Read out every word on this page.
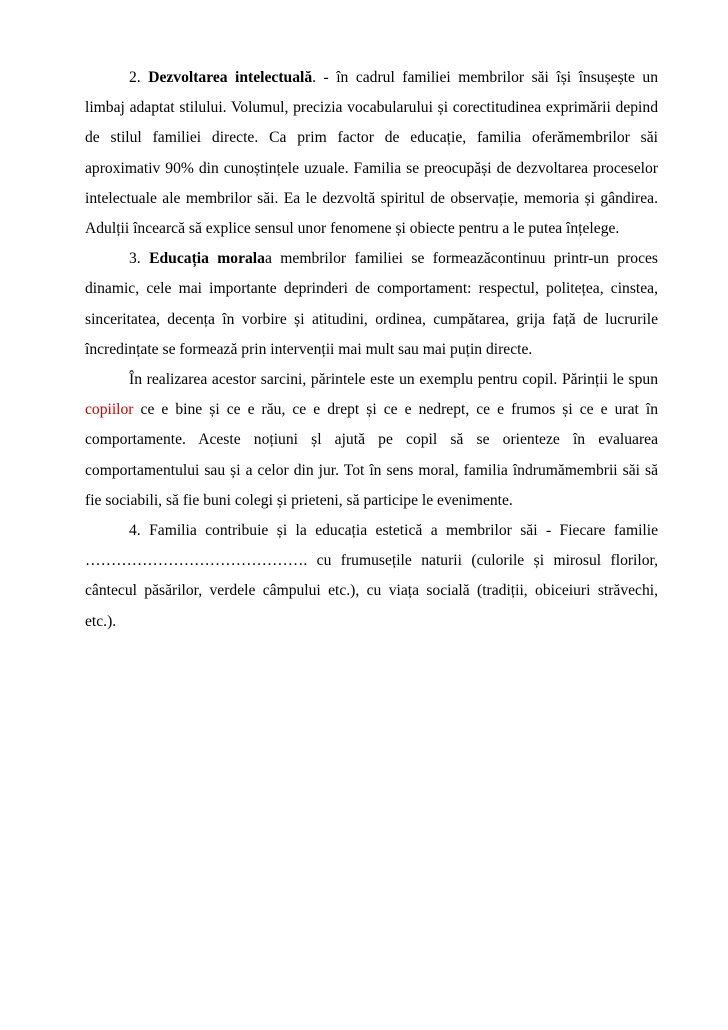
2. Dezvoltarea intelectuală. - în cadrul familiei membrilor săi își însușește un limbaj adaptat stilului. Volumul, precizia vocabularului și corectitudinea exprimării depind de stilul familiei directe. Ca prim factor de educație, familia oferămembrilor săi aproximativ 90% din cunoștințele uzuale. Familia se preocupăși de dezvoltarea proceselor intelectuale ale membrilor săi. Ea le dezvoltă spiritul de observație, memoria și gândirea. Adulții încearcă să explice sensul unor fenomene și obiecte pentru a le putea înțelege.

3. Educația moralaa membrilor familiei se formeazăcontinuu printr-un proces dinamic, cele mai importante deprinderi de comportament: respectul, politețea, cinstea, sinceritatea, decența în vorbire și atitudini, ordinea, cumpătarea, grija față de lucrurile încredințate se formează prin intervenții mai mult sau mai puțin directe.

În realizarea acestor sarcini, părintele este un exemplu pentru copil. Părinții le spun copiilor ce e bine și ce e rău, ce e drept și ce e nedrept, ce e frumos și ce e urat în comportamente. Aceste noțiuni șl ajută pe copil să se orienteze în evaluarea comportamentului sau și a celor din jur. Tot în sens moral, familia îndrumămembrii săi să fie sociabili, să fie buni colegi și prieteni, să participe le evenimente.

4. Familia contribuie și la educația estetică a membrilor săi - Fiecare familie ……………………………………. cu frumusețile naturii (culorile și mirosul florilor, cântecul păsărilor, verdele câmpului etc.), cu viața socială (tradiții, obiceiuri străvechi, etc.).
